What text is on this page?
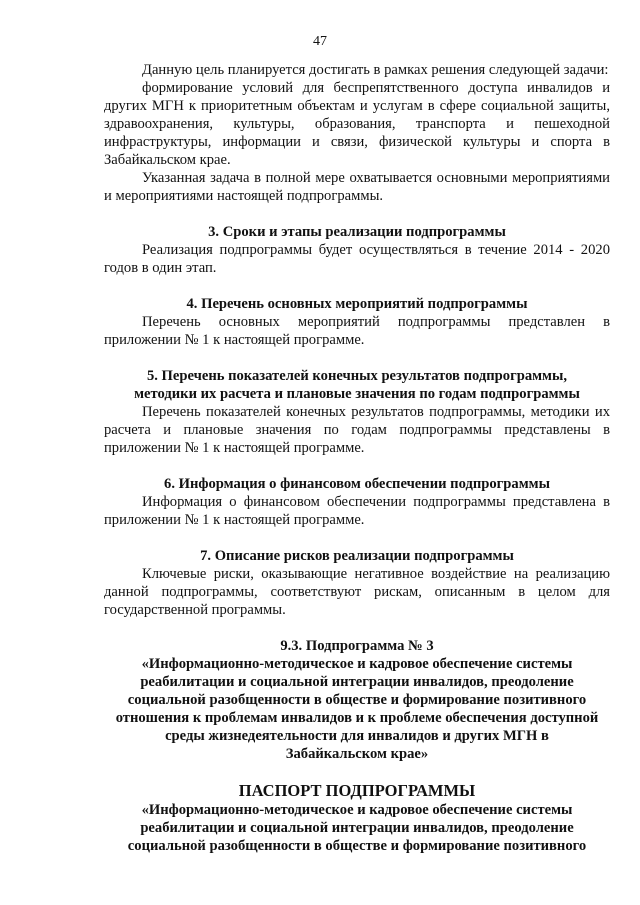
47

Данную цель планируется достигать в рамках решения следующей задачи:

формирование условий для беспрепятственного доступа инвалидов и других МГН к приоритетным объектам и услугам в сфере социальной защиты, здравоохранения, культуры, образования, транспорта и пешеходной инфраструктуры, информации и связи, физической культуры и спорта в Забайкальском крае.

Указанная задача в полной мере охватывается основными мероприятиями и мероприятиями настоящей подпрограммы.

3. Сроки и этапы реализации подпрограммы

Реализация подпрограммы будет осуществляться в течение 2014 - 2020 годов в один этап.

4. Перечень основных мероприятий подпрограммы

Перечень основных мероприятий подпрограммы представлен в приложении № 1 к настоящей программе.

5. Перечень показателей конечных результатов подпрограммы,
методики их расчета и плановые значения по годам подпрограммы

Перечень показателей конечных результатов подпрограммы, методики их расчета и плановые значения по годам подпрограммы представлены в приложении № 1 к настоящей программе.

6. Информация о финансовом обеспечении подпрограммы

Информация о финансовом обеспечении подпрограммы представлена в приложении № 1 к настоящей программе.

7. Описание рисков реализации подпрограммы

Ключевые риски, оказывающие негативное воздействие на реализацию данной подпрограммы, соответствуют рискам, описанным в целом для государственной программы.

9.3. Подпрограмма № 3
«Информационно-методическое и кадровое обеспечение системы
реабилитации и социальной интеграции инвалидов, преодоление
социальной разобщенности в обществе и формирование позитивного
отношения к проблемам инвалидов и к проблеме обеспечения доступной
среды жизнедеятельности для инвалидов и других МГН в
Забайкальском крае»
ПАСПОРТ ПОДПРОГРАММЫ
«Информационно-методическое и кадровое обеспечение системы
реабилитации и социальной интеграции инвалидов, преодоление
социальной разобщенности в обществе и формирование позитивного
